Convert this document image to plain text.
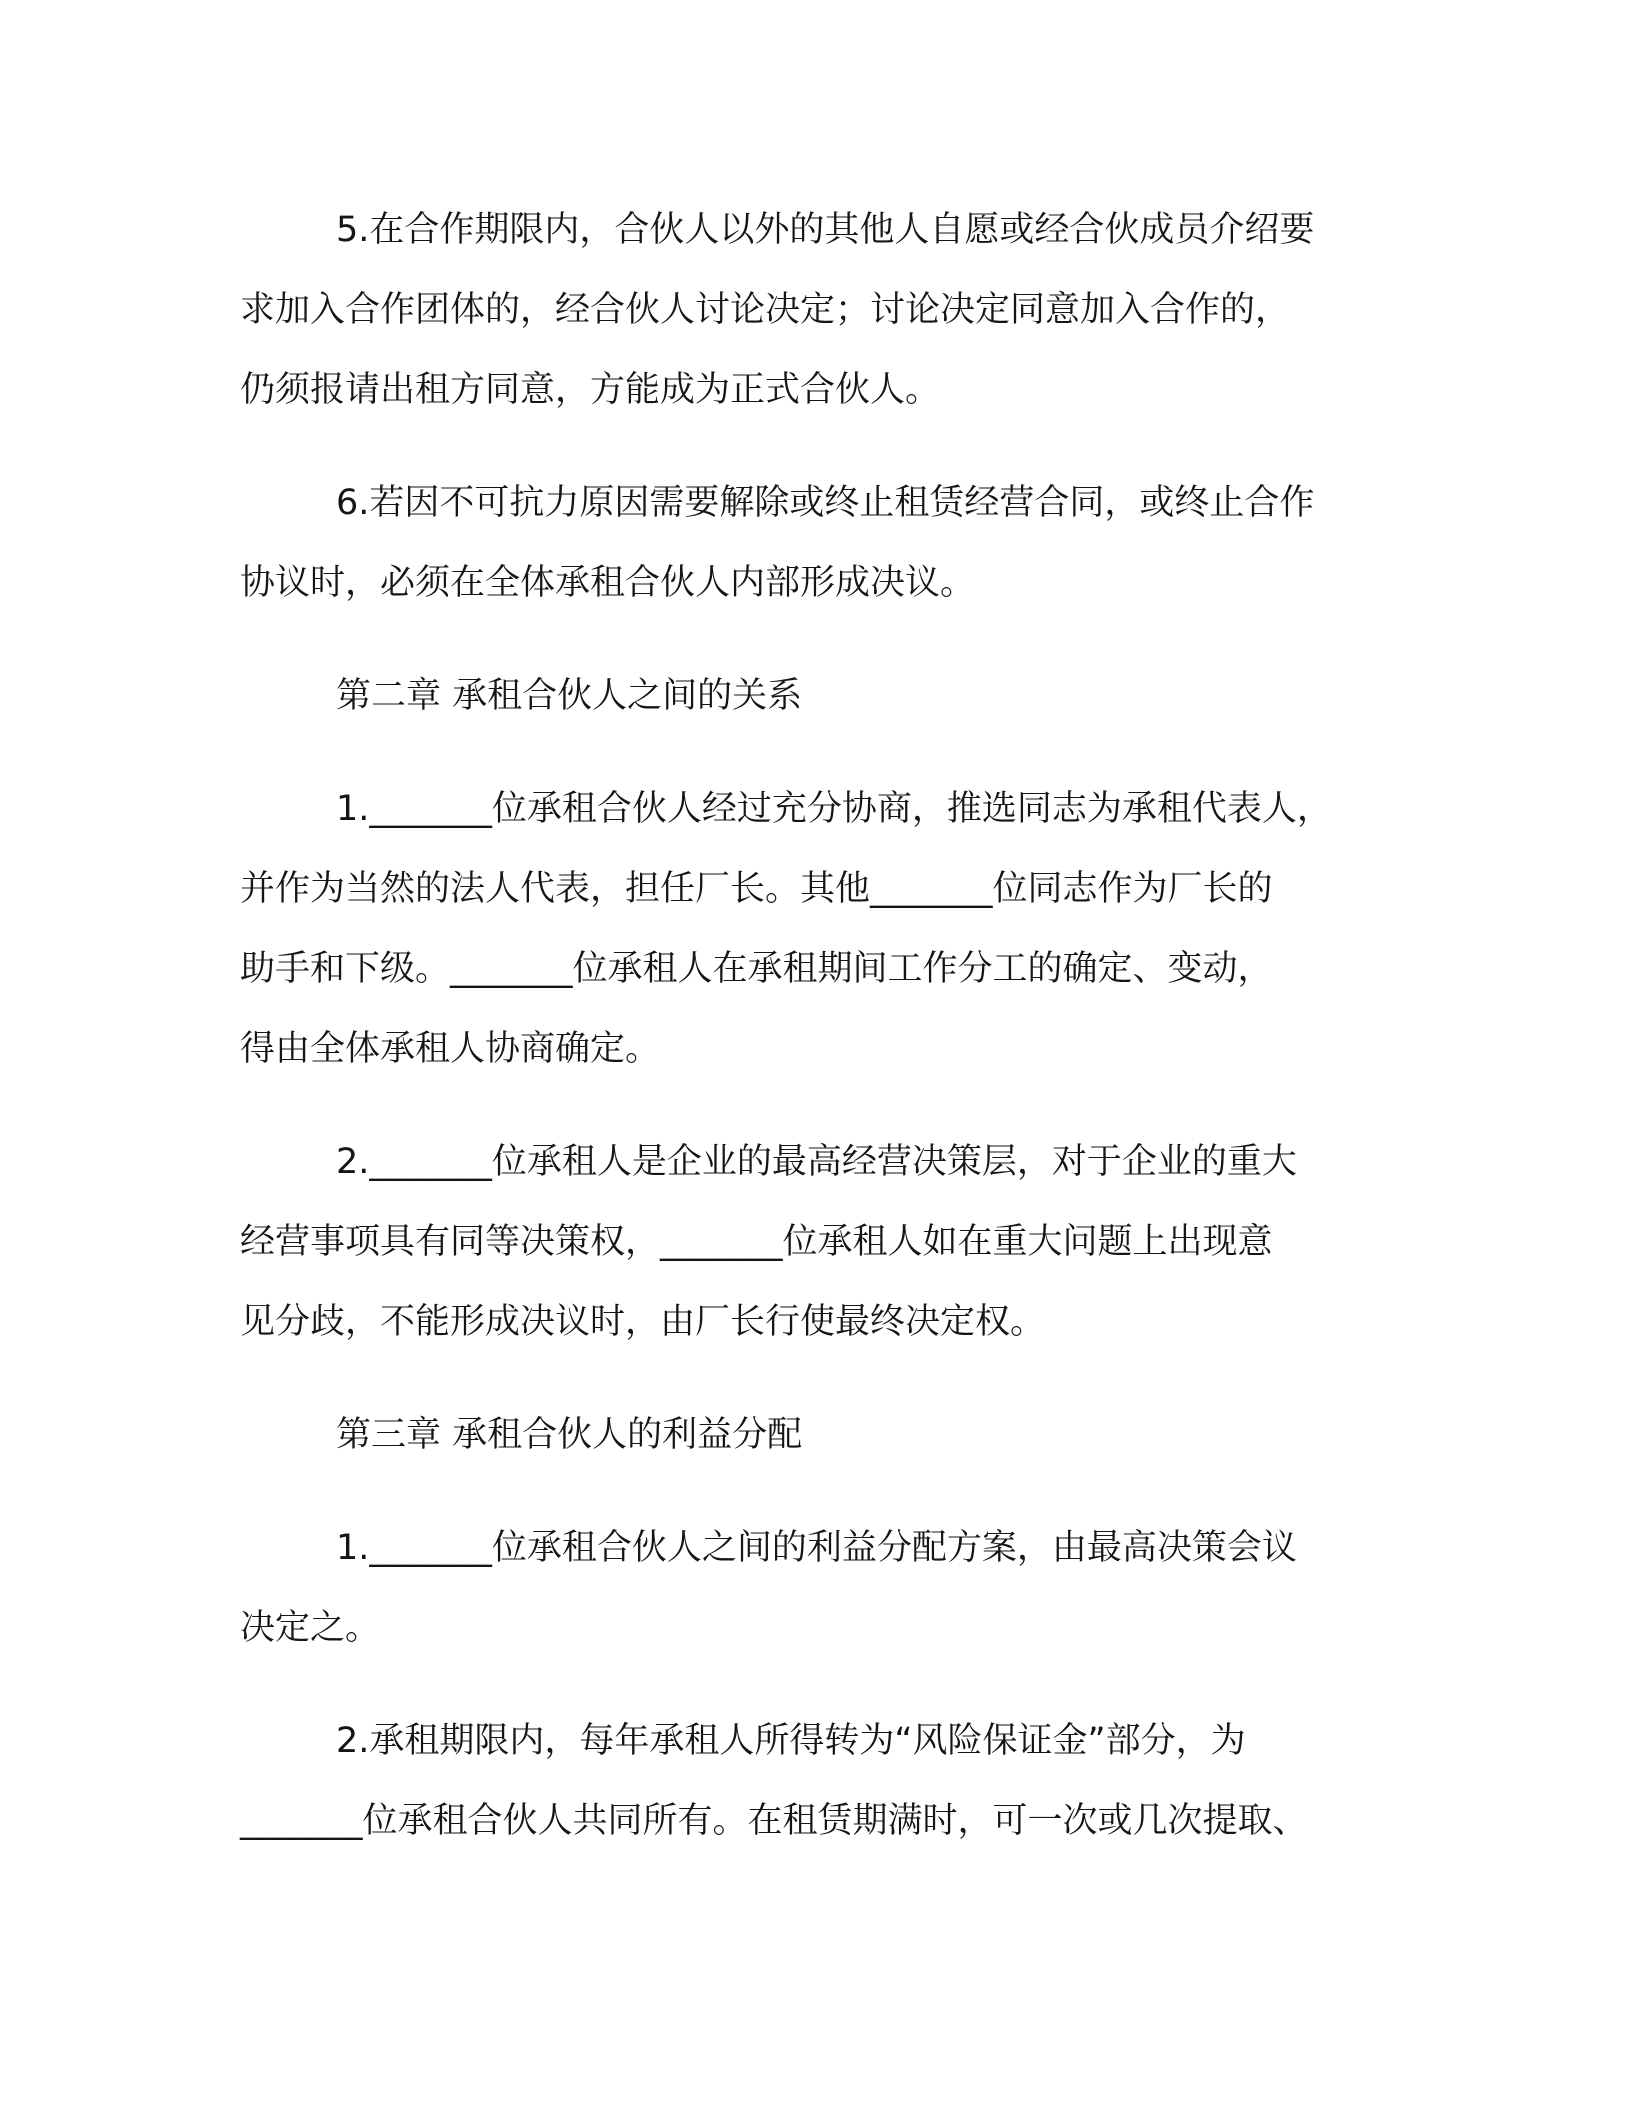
5.在合作期限内，合伙人以外的其他人自愿或经合伙成员介绍要
求加入合作团体的，经合伙人讨论决定；讨论决定同意加入合作的，
仍须报请出租方同意，方能成为正式合伙人。

6.若因不可抗力原因需要解除或终止租赁经营合同，或终止合作
协议时，必须在全体承租合伙人内部形成决议。

第二章 承租合伙人之间的关系

1._______位承租合伙人经过充分协商，推选同志为承租代表人，
并作为当然的法人代表，担任厂长。其他_______位同志作为厂长的
助手和下级。_______位承租人在承租期间工作分工的确定、变动，
得由全体承租人协商确定。

2._______位承租人是企业的最高经营决策层，对于企业的重大
经营事项具有同等决策权，_______位承租人如在重大问题上出现意
见分歧，不能形成决议时，由厂长行使最终决定权。

第三章 承租合伙人的利益分配

1._______位承租合伙人之间的利益分配方案，由最高决策会议
决定之。

2.承租期限内，每年承租人所得转为“风险保证金”部分，为
_______位承租合伙人共同所有。在租赁期满时，可一次或几次提取、
